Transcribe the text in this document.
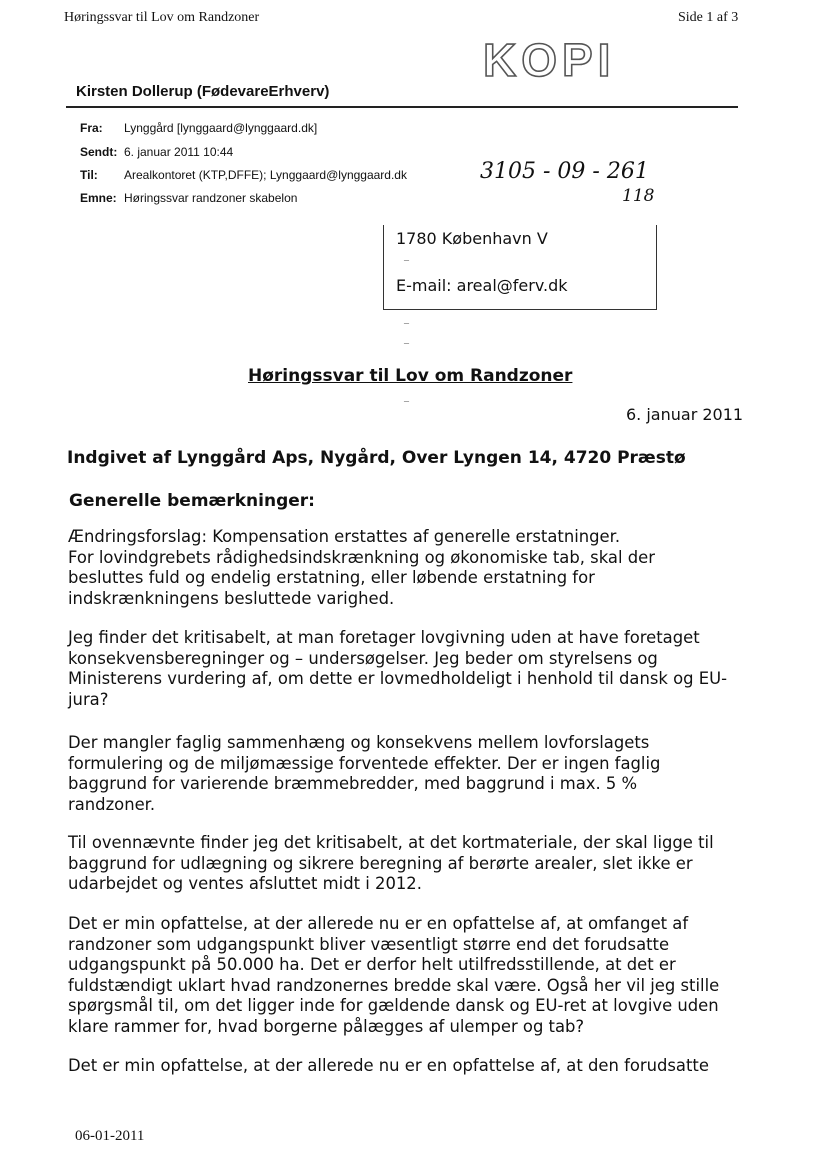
Høringssvar til Lov om Randzoner	Side 1 af 3
KOPI
Kirsten Dollerup (FødevareErhverv)
Fra: Lynggård [lynggaard@lynggaard.dk]
Sendt: 6. januar 2011 10:44
Til: Arealkontoret (KTP,DFFE); Lynggaard@lynggaard.dk
Emne: Høringssvar randzoner skabelon
3105 - 09 - 261
118
1780 København V
–
E-mail: areal@ferv.dk
–
–
–
Høringssvar til Lov om Randzoner
6. januar 2011
Indgivet af Lynggård Aps, Nygård, Over Lyngen 14, 4720 Præstø
Generelle bemærkninger:
Ændringsforslag: Kompensation erstattes af generelle erstatninger.
For lovindgrebets rådighedsindskrænkning og økonomiske tab, skal der
besluttes fuld og endelig erstatning, eller løbende erstatning for
indskrænkningens besluttede varighed.
Jeg finder det kritisabelt, at man foretager lovgivning uden at have foretaget
konsekvensberegninger og – undersøgelser. Jeg beder om styrelsens og
Ministerens vurdering af, om dette er lovmedholdeligt i henhold til dansk og EU-
jura?
Der mangler faglig sammenhæng og konsekvens mellem lovforslagets
formulering og de miljømæssige forventede effekter. Der er ingen faglig
baggrund for varierende bræmmebredder, med baggrund i max. 5 %
randzoner.
Til ovennævnte finder jeg det kritisabelt, at det kortmateriale, der skal ligge til
baggrund for udlægning og sikrere beregning af berørte arealer, slet ikke er
udarbejdet og ventes afsluttet midt i 2012.
Det er min opfattelse, at der allerede nu er en opfattelse af, at omfanget af
randzoner som udgangspunkt bliver væsentligt større end det forudsatte
udgangspunkt på 50.000 ha. Det er derfor helt utilfredsstillende, at det er
fuldstændigt uklart hvad randzonernes bredde skal være. Også her vil jeg stille
spørgsmål til, om det ligger inde for gældende dansk og EU-ret at lovgive uden
klare rammer for, hvad borgerne pålægges af ulemper og tab?
Det er min opfattelse, at der allerede nu er en opfattelse af, at den forudsatte
06-01-2011
